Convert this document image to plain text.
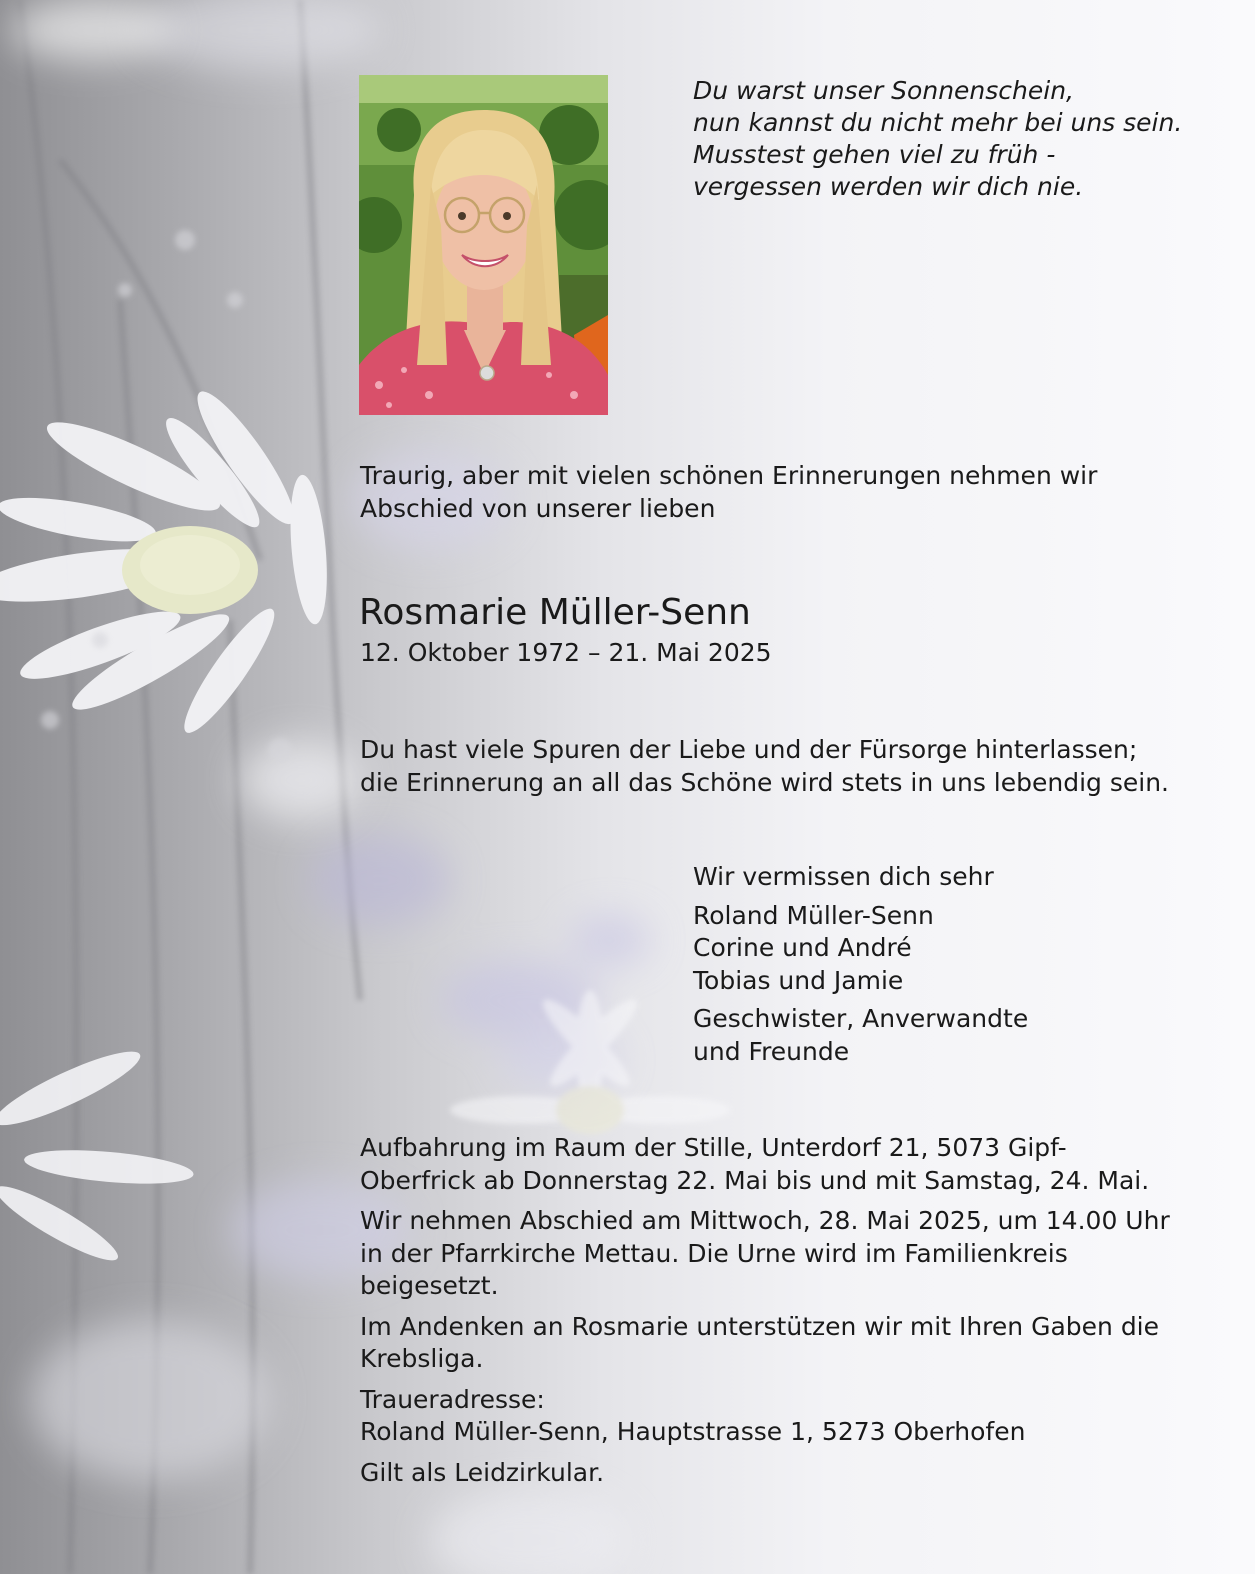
Du warst unser Sonnenschein,
nun kannst du nicht mehr bei uns sein.
Musstest gehen viel zu früh -
vergessen werden wir dich nie.
Traurig, aber mit vielen schönen Erinnerungen nehmen wir
Abschied von unserer lieben
Rosmarie Müller-Senn
12. Oktober 1972 – 21. Mai 2025
Du hast viele Spuren der Liebe und der Fürsorge hinterlassen;
die Erinnerung an all das Schöne wird stets in uns lebendig sein.
Wir vermissen dich sehr
Roland Müller-Senn
Corine und André
Tobias und Jamie
Geschwister, Anverwandte
und Freunde
Aufbahrung im Raum der Stille, Unterdorf 21, 5073 Gipf-
Oberfrick ab Donnerstag 22. Mai bis und mit Samstag, 24. Mai.
Wir nehmen Abschied am Mittwoch, 28. Mai 2025, um 14.00 Uhr
in der Pfarrkirche Mettau. Die Urne wird im Familienkreis
beigesetzt.
Im Andenken an Rosmarie unterstützen wir mit Ihren Gaben die
Krebsliga.
Traueradresse:
Roland Müller-Senn, Hauptstrasse 1, 5273 Oberhofen
Gilt als Leidzirkular.
